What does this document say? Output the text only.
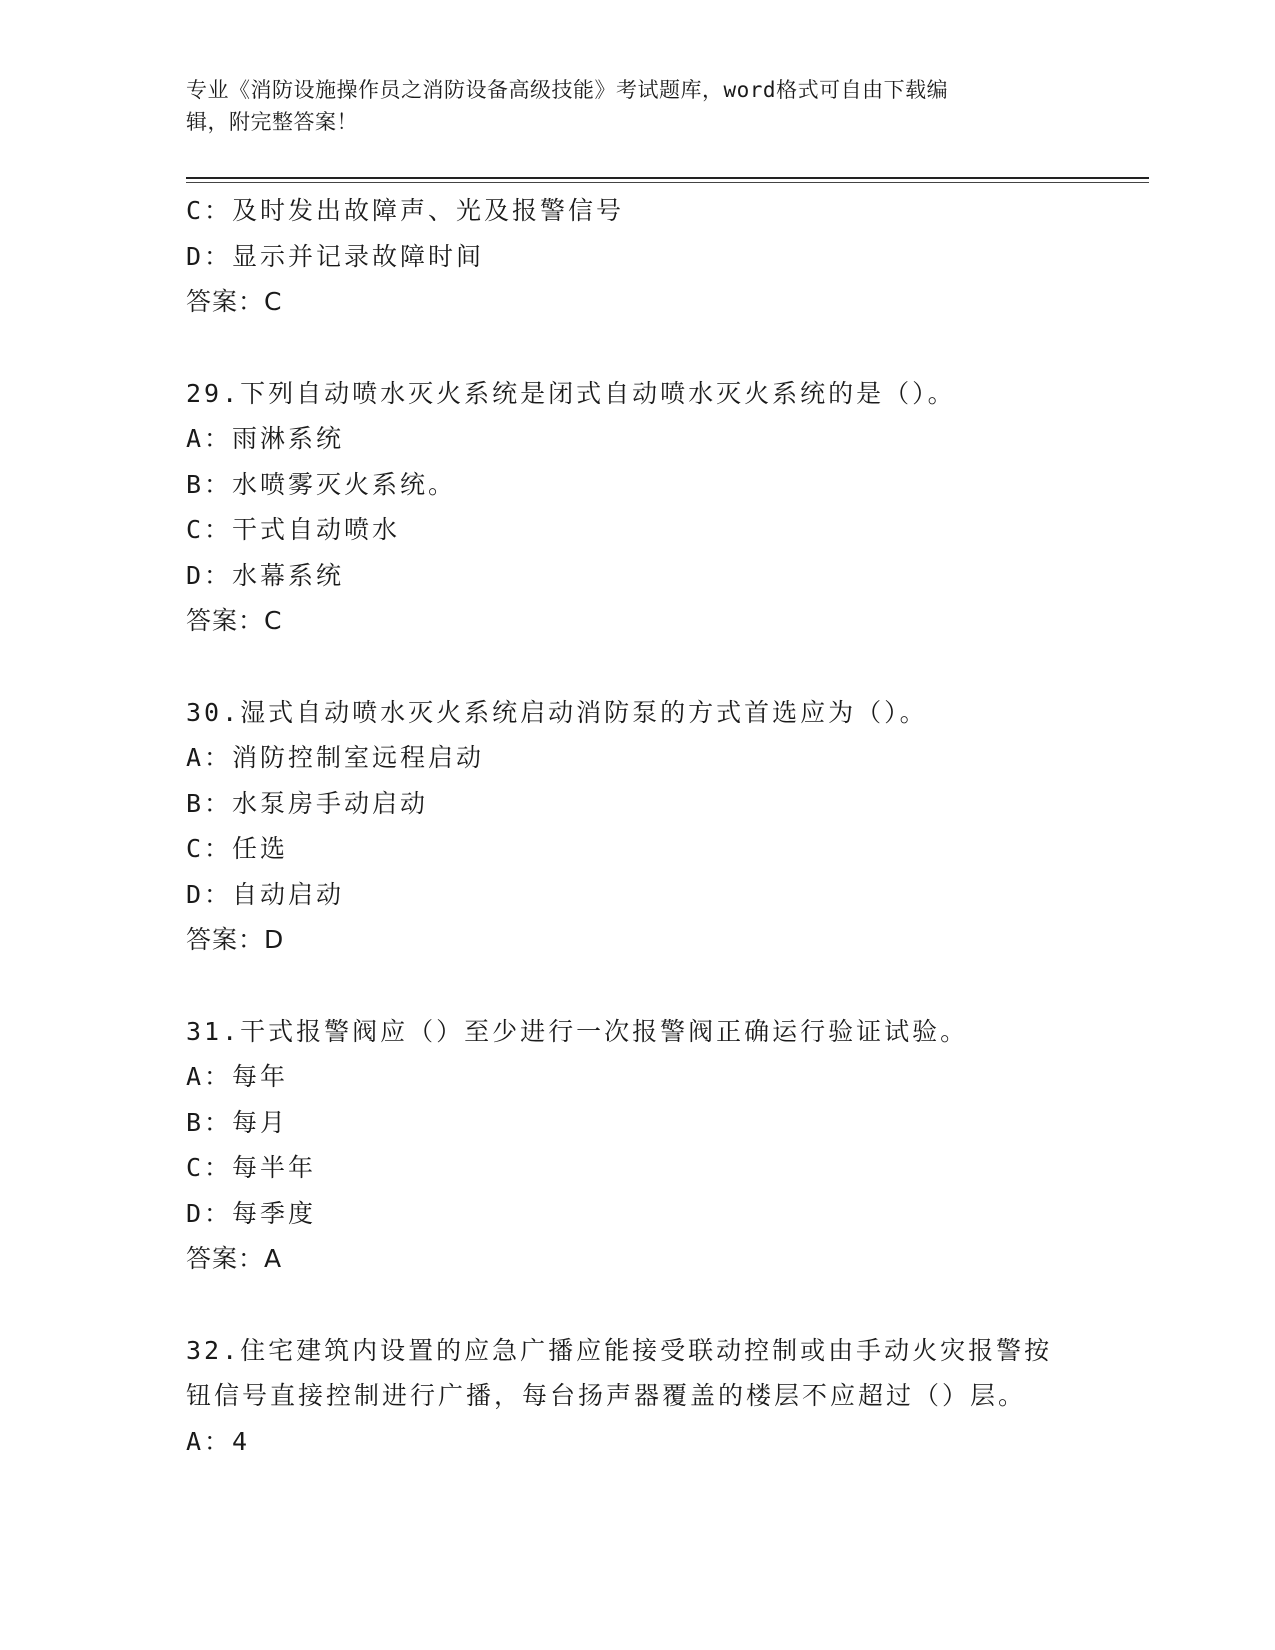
专业《消防设施操作员之消防设备高级技能》考试题库，word格式可自由下载编
辑，附完整答案！
C：及时发出故障声、光及报警信号
D：显示并记录故障时间
答案：C
29.下列自动喷水灭火系统是闭式自动喷水灭火系统的是（）。
A：雨淋系统
B：水喷雾灭火系统。
C：干式自动喷水
D：水幕系统
答案：C
30.湿式自动喷水灭火系统启动消防泵的方式首选应为（）。
A：消防控制室远程启动
B：水泵房手动启动
C：任选
D：自动启动
答案：D
31.干式报警阀应（）至少进行一次报警阀正确运行验证试验。
A：每年
B：每月
C：每半年
D：每季度
答案：A
32.住宅建筑内设置的应急广播应能接受联动控制或由手动火灾报警按
钮信号直接控制进行广播，每台扬声器覆盖的楼层不应超过（）层。
A：4
